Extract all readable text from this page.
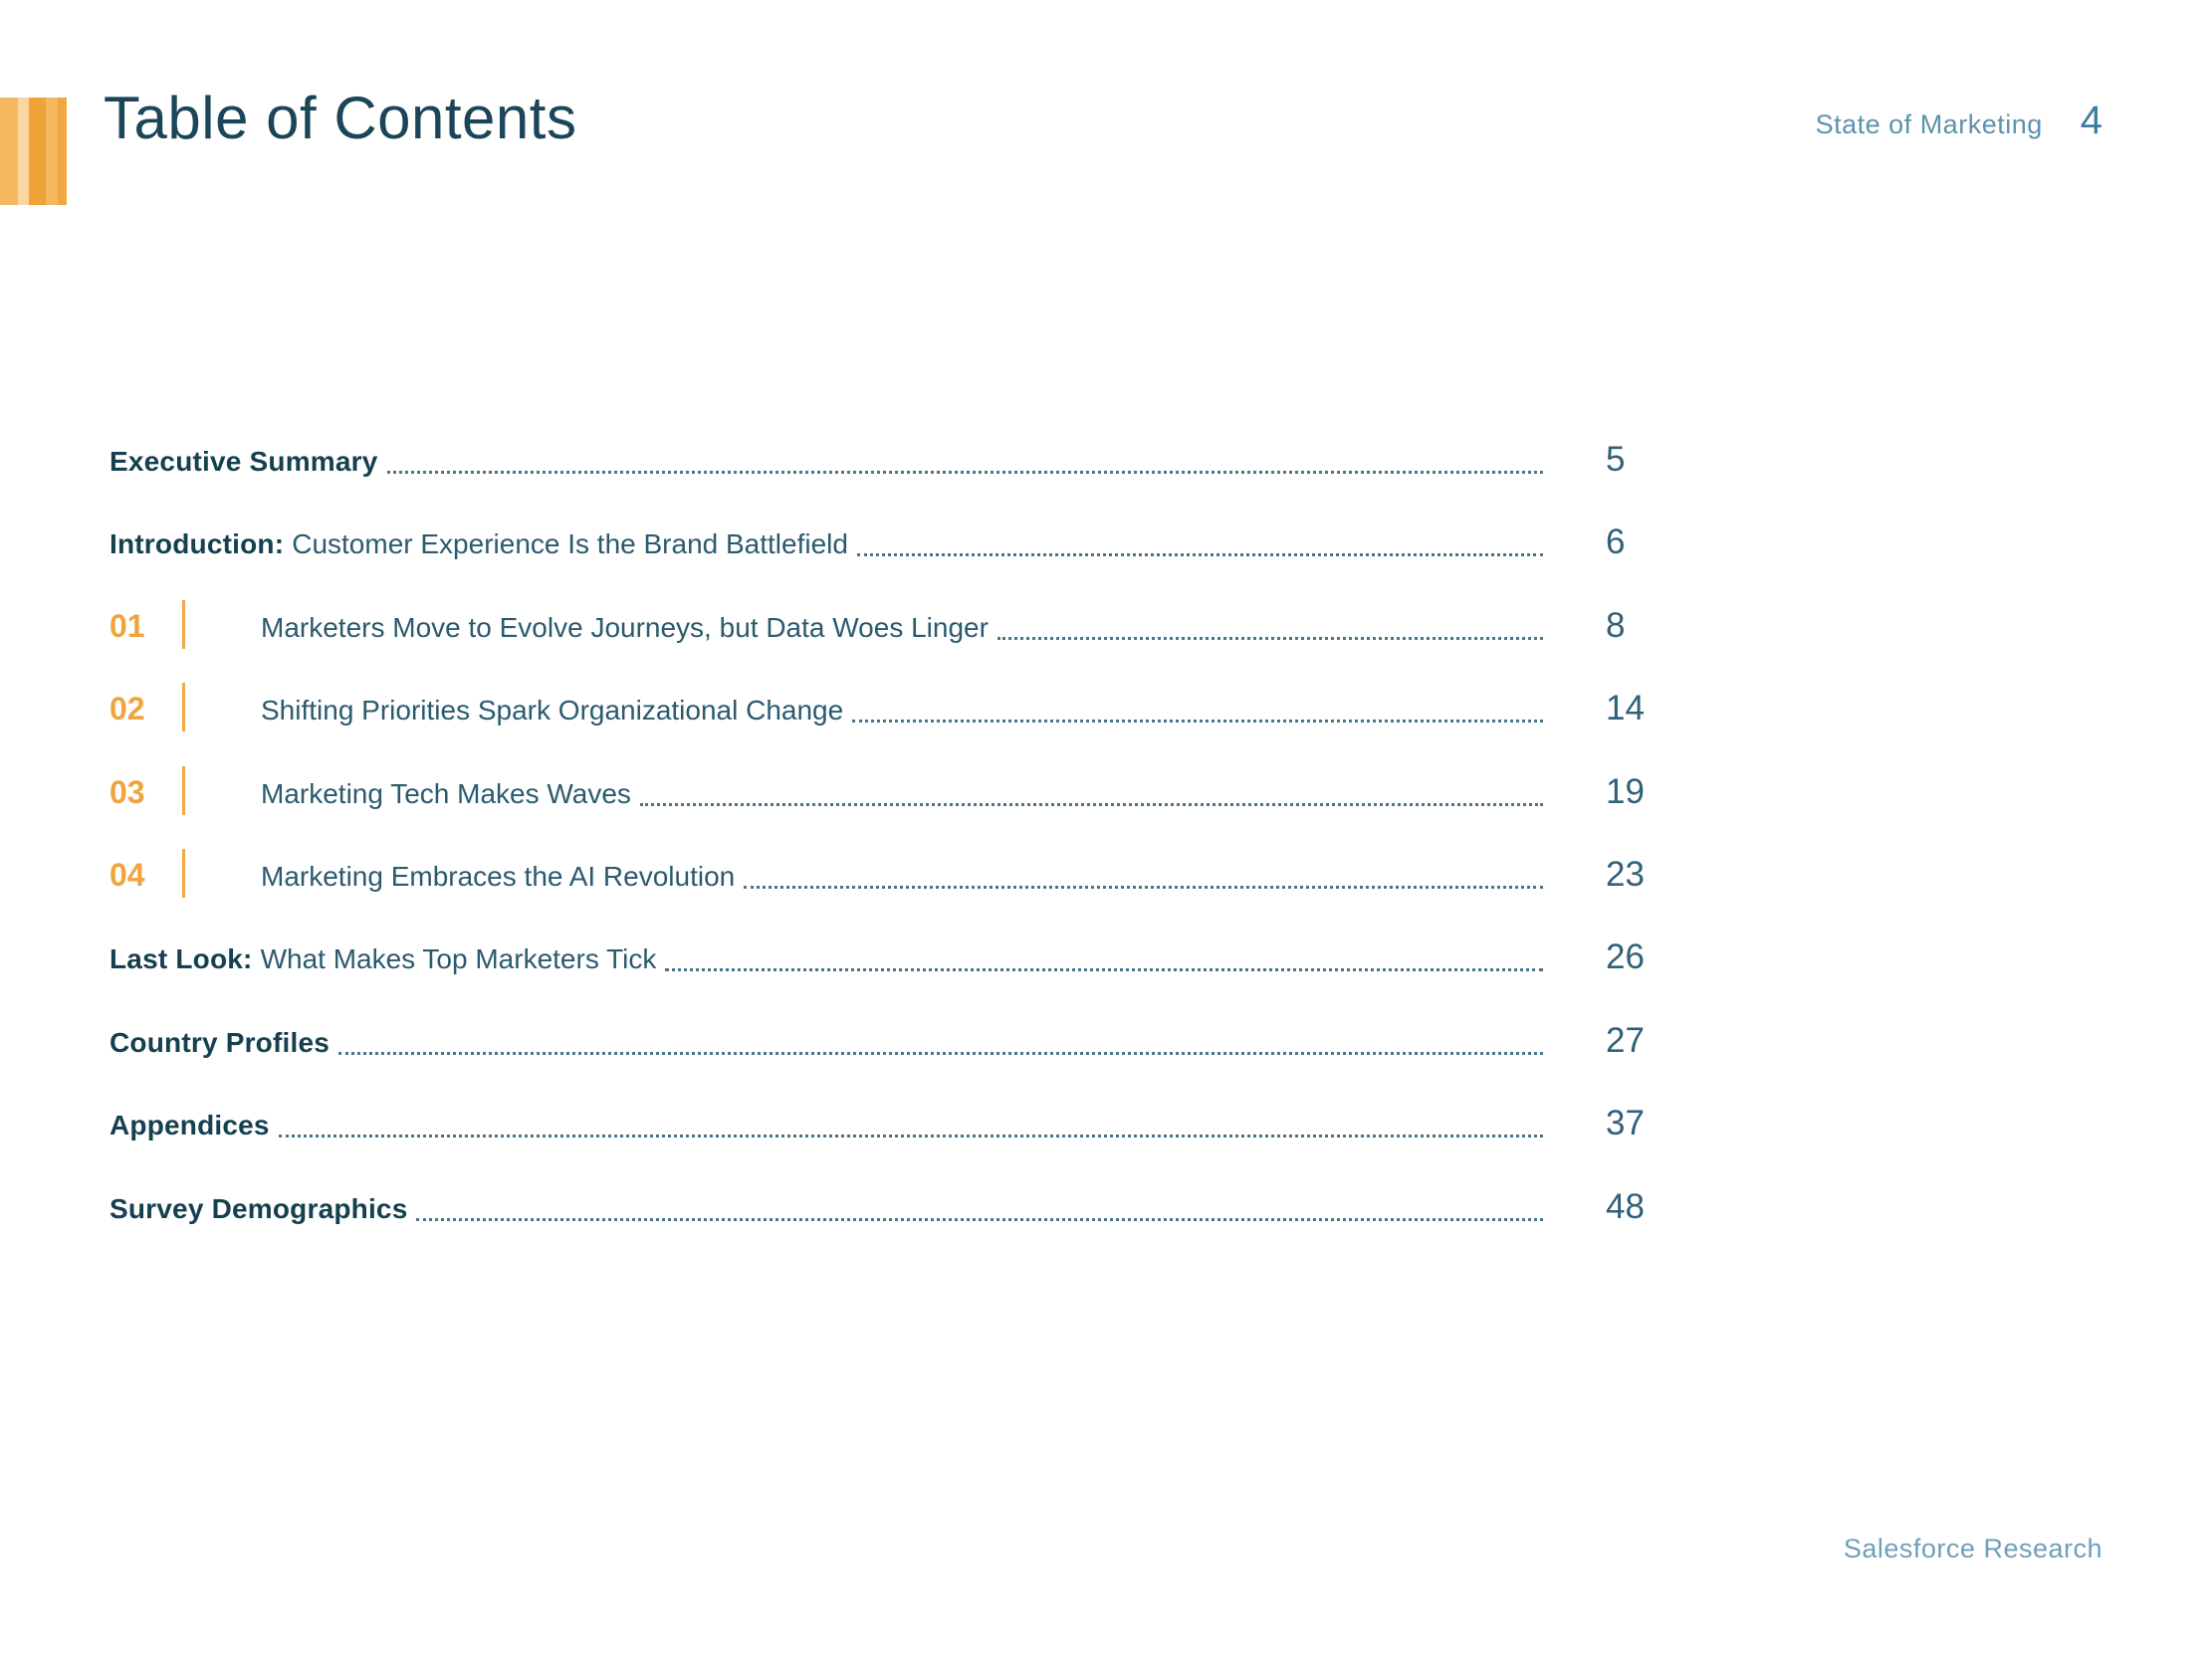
Table of Contents	State of Marketing 4
Executive Summary	5
Introduction: Customer Experience Is the Brand Battlefield	6
01	Marketers Move to Evolve Journeys, but Data Woes Linger	8
02	Shifting Priorities Spark Organizational Change	14
03	Marketing Tech Makes Waves	19
04	Marketing Embraces the AI Revolution	23
Last Look: What Makes Top Marketers Tick	26
Country Profiles	27
Appendices	37
Survey Demographics	48
Salesforce Research
